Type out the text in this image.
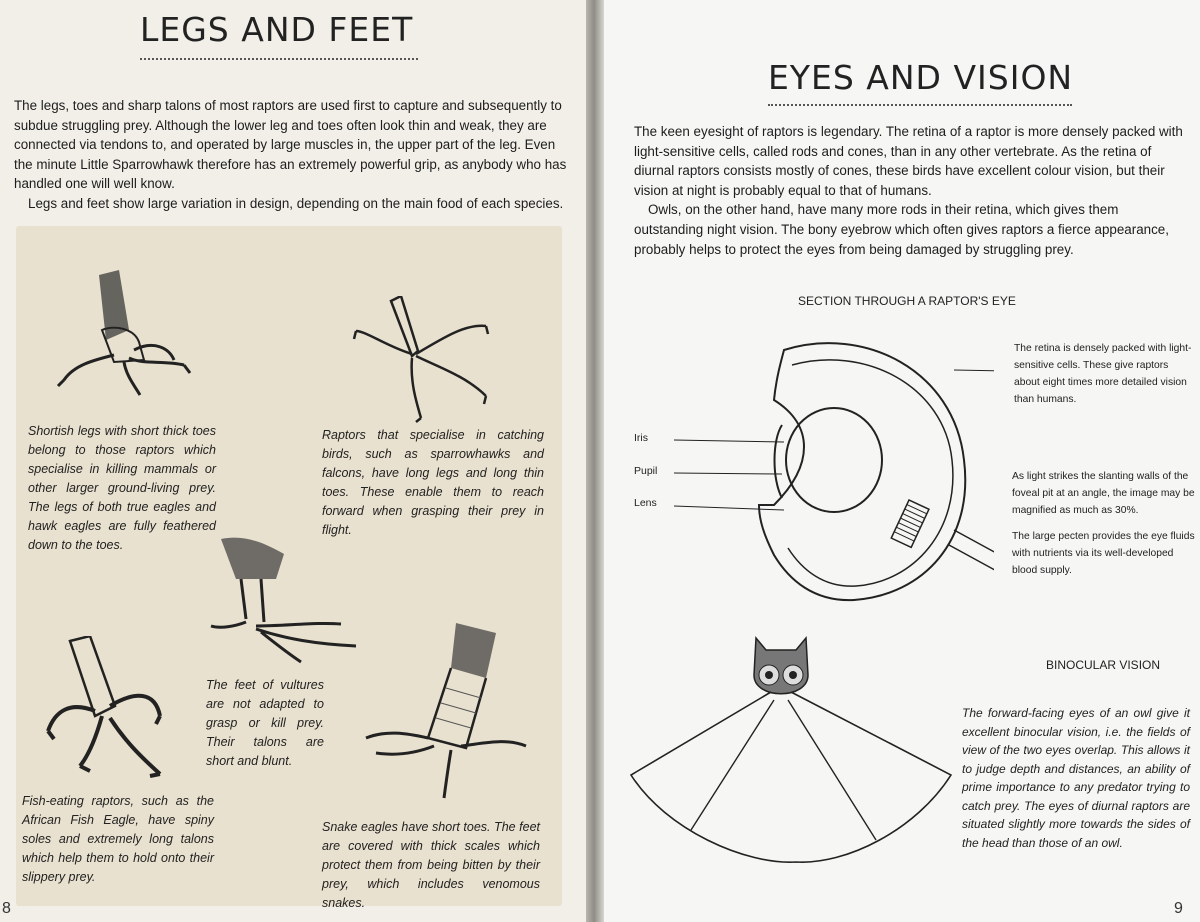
LEGS AND FEET

The legs, toes and sharp talons of most raptors are used first to capture and subsequently to subdue struggling prey. Although the lower leg and toes often look thin and weak, they are connected via tendons to, and operated by large muscles in, the upper part of the leg. Even the minute Little Sparrowhawk therefore has an extremely powerful grip, as anybody who has handled one will well know.

Legs and feet show large variation in design, depending on the main food of each species.

Shortish legs with short thick toes belong to those raptors which specialise in killing mammals or other larger ground-living prey. The legs of both true eagles and hawk eagles are fully feathered down to the toes.

Raptors that specialise in catching birds, such as sparrowhawks and falcons, have long legs and long thin toes. These enable them to reach forward when grasping their prey in flight.

The feet of vultures are not adapted to grasp or kill prey. Their talons are short and blunt.

Fish-eating raptors, such as the African Fish Eagle, have spiny soles and extremely long talons which help them to hold onto their slippery prey.

Snake eagles have short toes. The feet are covered with thick scales which protect them from being bitten by their prey, which includes venomous snakes.

8
EYES AND VISION

The keen eyesight of raptors is legendary. The retina of a raptor is more densely packed with light-sensitive cells, called rods and cones, than in any other vertebrate. As the retina of diurnal raptors consists mostly of cones, these birds have excellent colour vision, but their vision at night is probably equal to that of humans.

Owls, on the other hand, have many more rods in their retina, which gives them outstanding night vision. The bony eyebrow which often gives raptors a fierce appearance, probably helps to protect the eyes from being damaged by struggling prey.

SECTION THROUGH A RAPTOR'S EYE
Iris
Pupil
Lens

The retina is densely packed with light-sensitive cells. These give raptors about eight times more detailed vision than humans.

As light strikes the slanting walls of the foveal pit at an angle, the image may be magnified as much as 30%.

The large pecten provides the eye fluids with nutrients via its well-developed blood supply.

BINOCULAR VISION

The forward-facing eyes of an owl give it excellent binocular vision, i.e. the fields of view of the two eyes overlap. This allows it to judge depth and distances, an ability of prime importance to any predator trying to catch prey. The eyes of diurnal raptors are situated slightly more towards the sides of the head than those of an owl.

9
